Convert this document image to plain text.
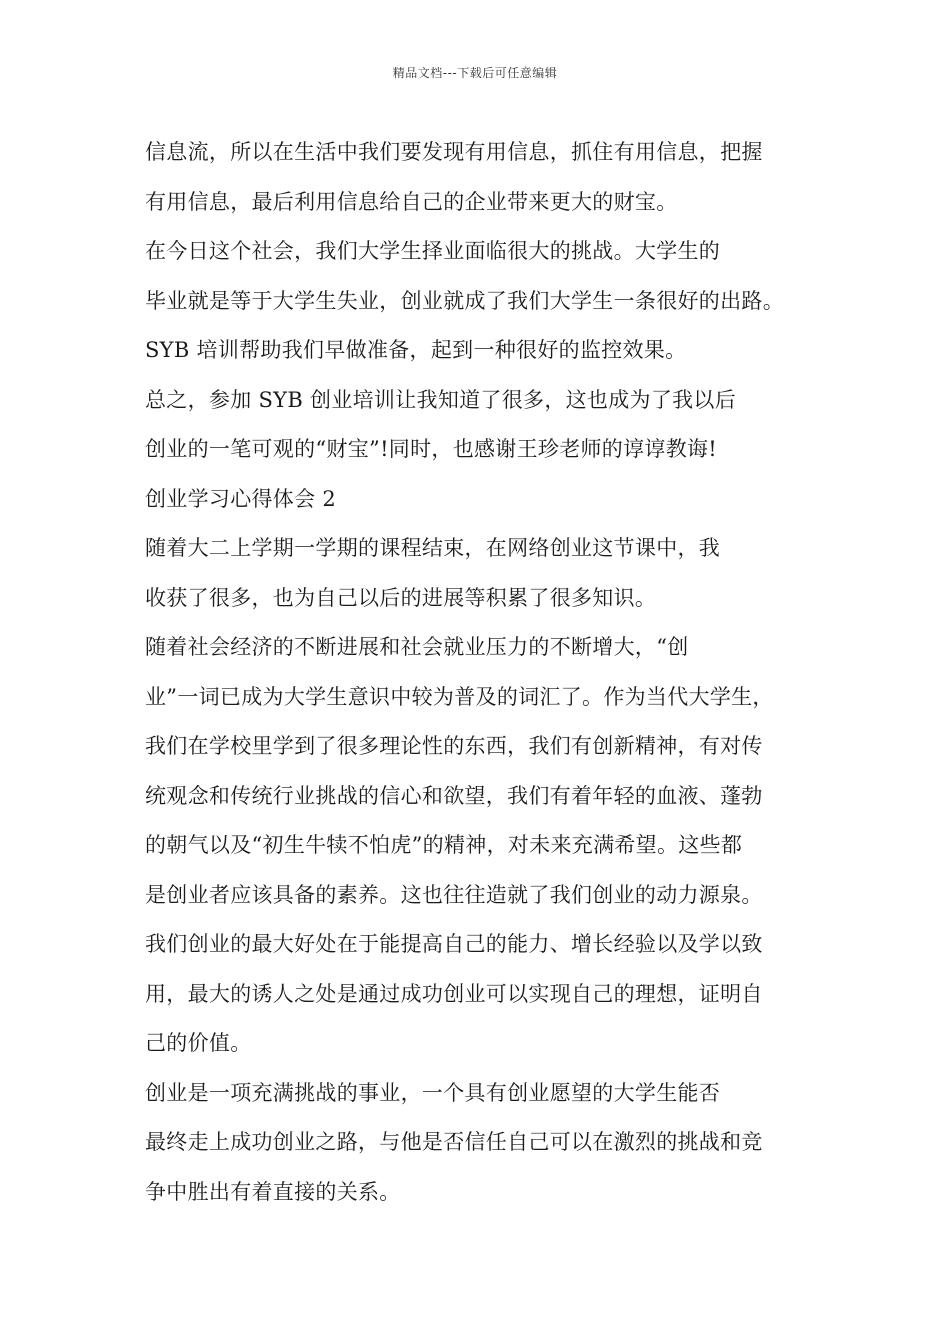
精品文档---下载后可任意编辑
信息流，所以在生活中我们要发现有用信息，抓住有用信息，把握
有用信息，最后利用信息给自己的企业带来更大的财宝。
在今日这个社会，我们大学生择业面临很大的挑战。大学生的
毕业就是等于大学生失业，创业就成了我们大学生一条很好的出路。
SYB 培训帮助我们早做准备，起到一种很好的监控效果。
总之，参加 SYB 创业培训让我知道了很多，这也成为了我以后
创业的一笔可观的“财宝”!同时，也感谢王珍老师的谆谆教诲!
创业学习心得体会 2
随着大二上学期一学期的课程结束，在网络创业这节课中，我
收获了很多，也为自己以后的进展等积累了很多知识。
随着社会经济的不断进展和社会就业压力的不断增大，“创
业”一词已成为大学生意识中较为普及的词汇了。作为当代大学生，
我们在学校里学到了很多理论性的东西，我们有创新精神，有对传
统观念和传统行业挑战的信心和欲望，我们有着年轻的血液、蓬勃
的朝气以及“初生牛犊不怕虎”的精神，对未来充满希望。这些都
是创业者应该具备的素养。这也往往造就了我们创业的动力源泉。
我们创业的最大好处在于能提高自己的能力、增长经验以及学以致
用，最大的诱人之处是通过成功创业可以实现自己的理想，证明自
己的价值。
创业是一项充满挑战的事业，一个具有创业愿望的大学生能否
最终走上成功创业之路，与他是否信任自己可以在激烈的挑战和竞
争中胜出有着直接的关系。
